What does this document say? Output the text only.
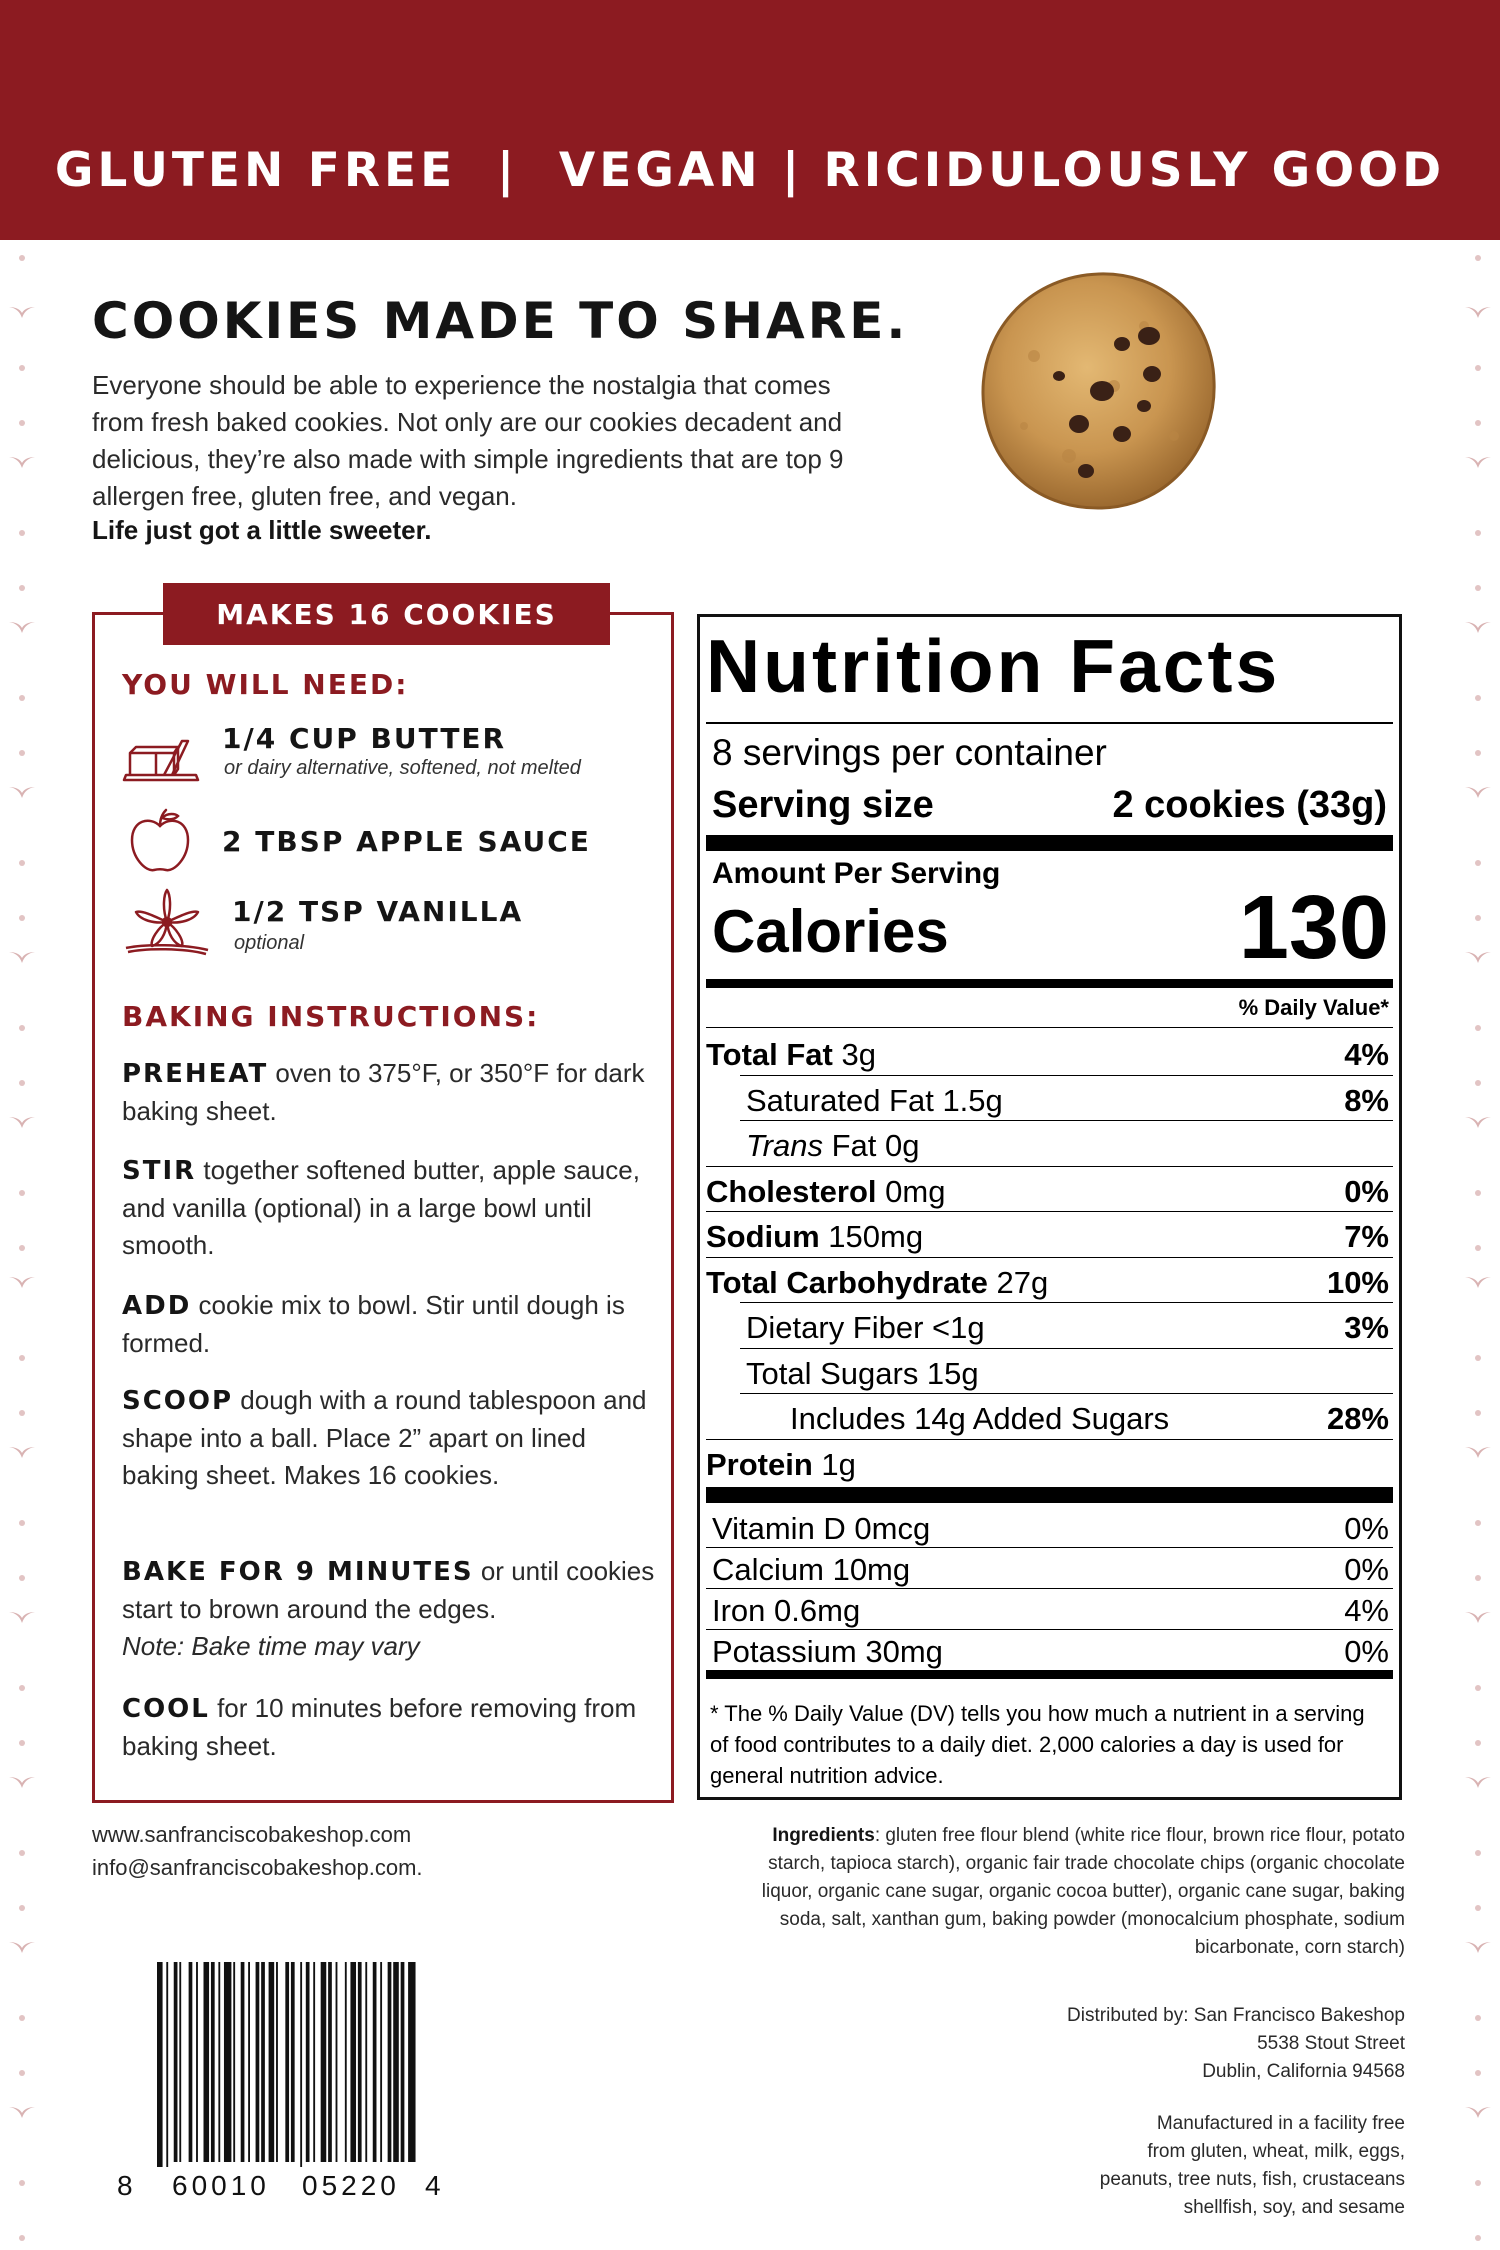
GLUTEN FREE  |  VEGAN | RICIDULOUSLY GOOD
COOKIES MADE TO SHARE.
Everyone should be able to experience the nostalgia that comes from fresh baked cookies. Not only are our cookies decadent and delicious, they’re also made with simple ingredients that are top 9 allergen free, gluten free, and vegan.
Life just got a little sweeter.
MAKES 16 COOKIES
YOU WILL NEED:
1/4 CUP BUTTER
or dairy alternative, softened, not melted
2 TBSP APPLE SAUCE
1/2 TSP VANILLA
optional
BAKING INSTRUCTIONS:
PREHEAT oven to 375°F, or 350°F for dark baking sheet.
STIR together softened butter, apple sauce, and vanilla (optional) in a large bowl until smooth.
ADD cookie mix to bowl. Stir until dough is formed.
SCOOP dough with a round tablespoon and shape into a ball. Place 2” apart on lined baking sheet. Makes 16 cookies.
BAKE FOR 9 MINUTES or until cookies start to brown around the edges.
Note: Bake time may vary
COOL for 10 minutes before removing from baking sheet.
www.sanfranciscobakeshop.com
info@sanfranciscobakeshop.com.
Nutrition Facts
8 servings per container
Serving size	2 cookies (33g)
Amount Per Serving
Calories	130
% Daily Value*
Total Fat 3g	4%
Saturated Fat 1.5g	8%
Trans Fat 0g
Cholesterol 0mg	0%
Sodium 150mg	7%
Total Carbohydrate 27g	10%
Dietary Fiber <1g	3%
Total Sugars 15g
Includes 14g Added Sugars	28%
Protein 1g
Vitamin D 0mcg	0%
Calcium 10mg	0%
Iron 0.6mg	4%
Potassium 30mg	0%
* The % Daily Value (DV) tells you how much a nutrient in a serving of food contributes to a daily diet. 2,000 calories a day is used for general nutrition advice.
Ingredients: gluten free flour blend (white rice flour, brown rice flour, potato starch, tapioca starch), organic fair trade chocolate chips (organic chocolate liquor, organic cane sugar, organic cocoa butter), organic cane sugar, baking soda, salt, xanthan gum, baking powder (monocalcium phosphate, sodium bicarbonate, corn starch)
Distributed by: San Francisco Bakeshop
5538 Stout Street
Dublin, California 94568
Manufactured in a facility free
from gluten, wheat, milk, eggs,
peanuts, tree nuts, fish, crustaceans
shellfish, soy, and sesame
8 60010 05220 4
